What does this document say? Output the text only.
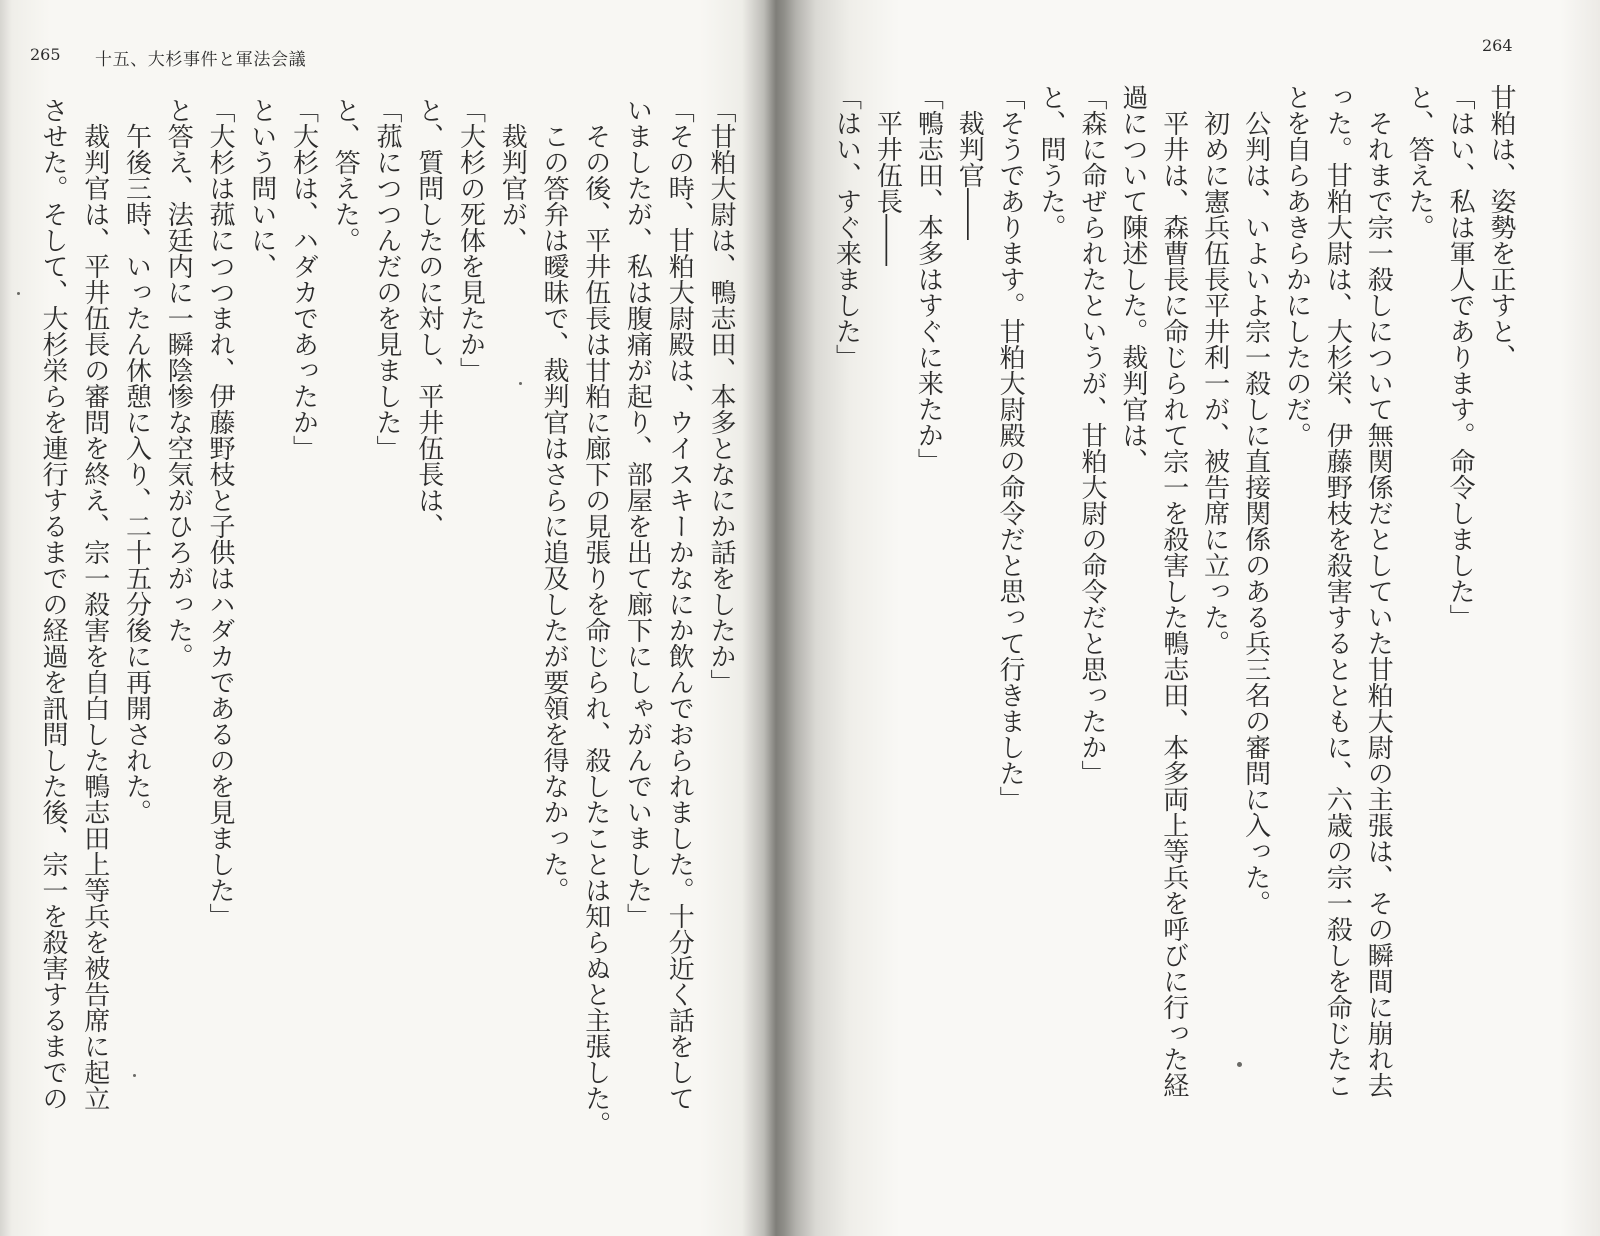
265 十五、大杉事件と軍法会議
264
甘粕は、姿勢を正すと、
「はい、私は軍人であります。命令しました」
と、答えた。
　それまで宗一殺しについて無関係だとしていた甘粕大尉の主張は、その瞬間に崩れ去
った。甘粕大尉は、大杉栄、伊藤野枝を殺害するとともに、六歳の宗一殺しを命じたこ
とを自らあきらかにしたのだ。
　公判は、いよいよ宗一殺しに直接関係のある兵三名の審問に入った。
　初めに憲兵伍長平井利一が、被告席に立った。
　平井は、森曹長に命じられて宗一を殺害した鴨志田、本多両上等兵を呼びに行った経
過について陳述した。裁判官は、
「森に命ぜられたというが、甘粕大尉の命令だと思ったか」
と、問うた。
「そうであります。甘粕大尉殿の命令だと思って行きました」
　裁判官――
「鴨志田、本多はすぐに来たか」
　平井伍長――
「はい、すぐ来ました」
「甘粕大尉は、鴨志田、本多となにか話をしたか」
「その時、甘粕大尉殿は、ウイスキーかなにか飲んでおられました。十分近く話をして
いましたが、私は腹痛が起り、部屋を出て廊下にしゃがんでいました」
　その後、平井伍長は甘粕に廊下の見張りを命じられ、殺したことは知らぬと主張した。
　この答弁は曖昧で、裁判官はさらに追及したが要領を得なかった。
　裁判官が、
「大杉の死体を見たか」
と、質問したのに対し、平井伍長は、
「菰につつんだのを見ました」
と、答えた。
「大杉は、ハダカであったか」
という問いに、
「大杉は菰につつまれ、伊藤野枝と子供はハダカであるのを見ました」
と答え、法廷内に一瞬陰惨な空気がひろがった。
　午後三時、いったん休憩に入り、二十五分後に再開された。
　裁判官は、平井伍長の審問を終え、宗一殺害を自白した鴨志田上等兵を被告席に起立
させた。そして、大杉栄らを連行するまでの経過を訊問した後、宗一を殺害するまでの
